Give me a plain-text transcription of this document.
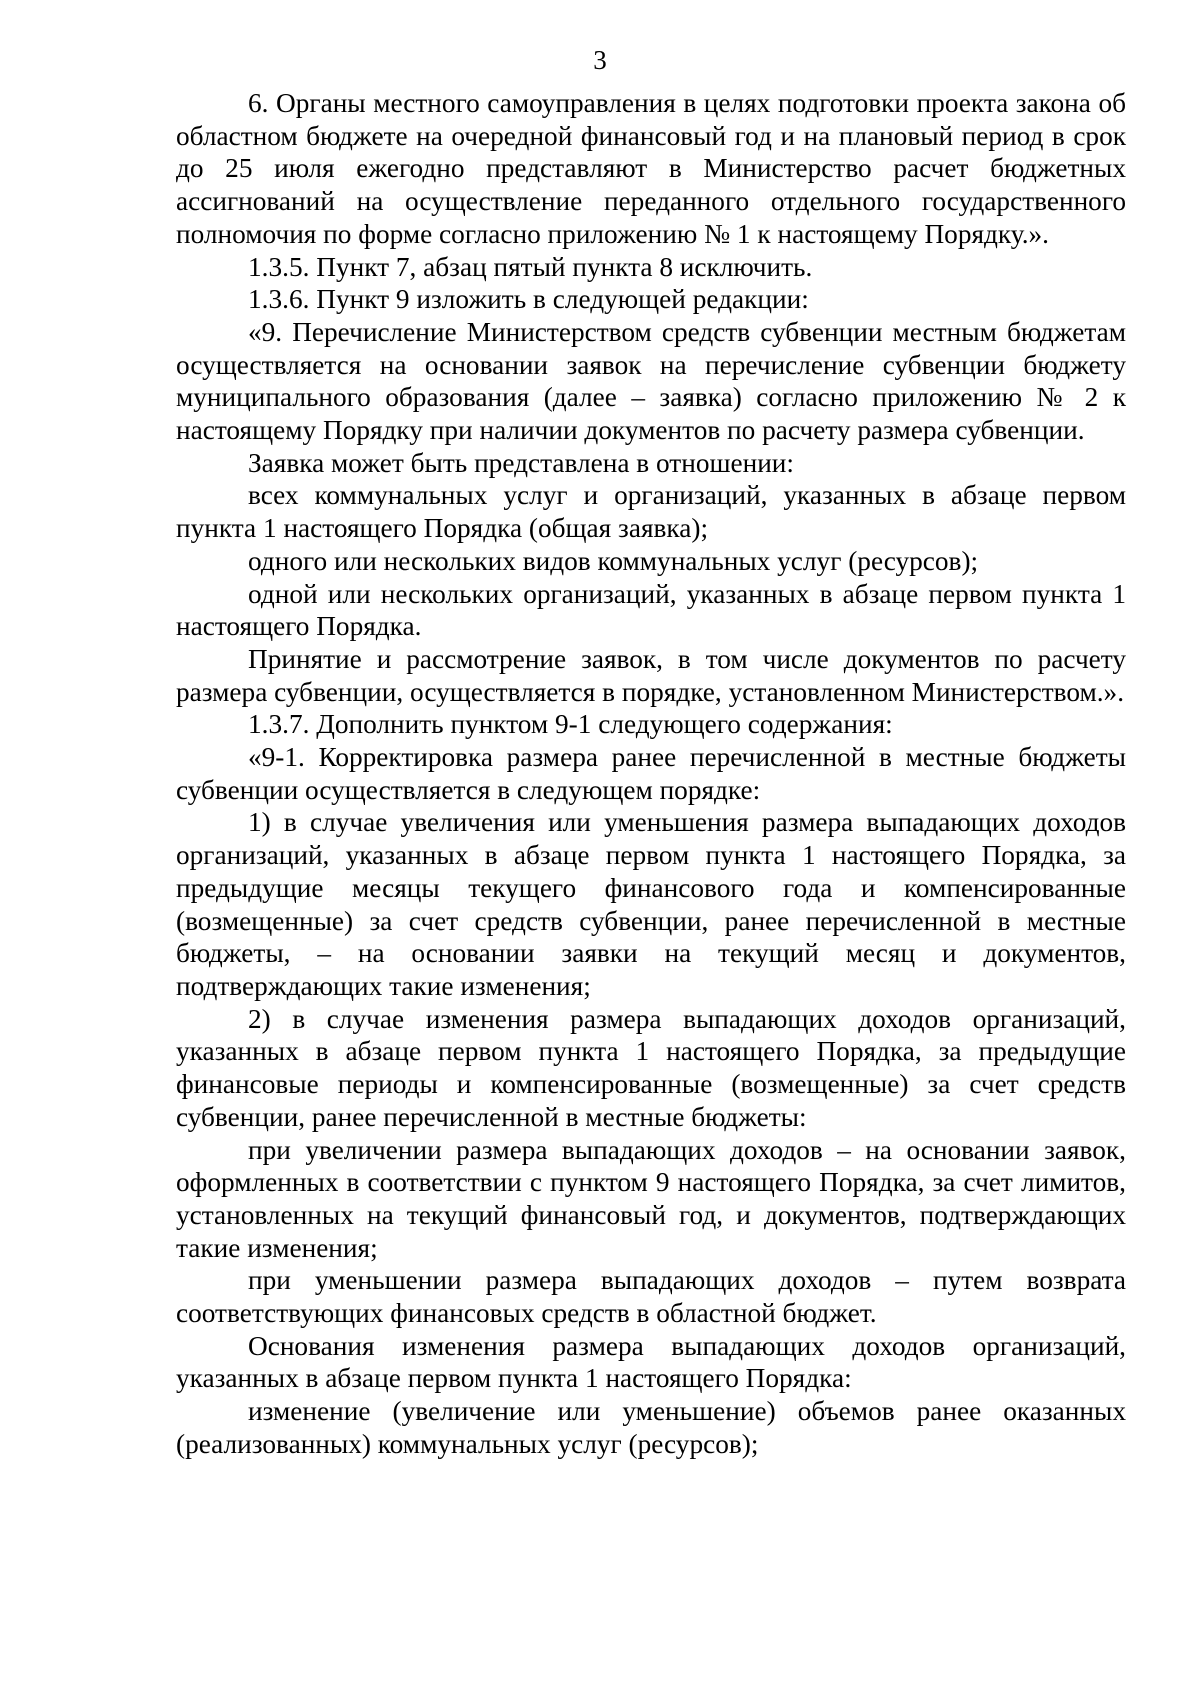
3

6. Органы местного самоуправления в целях подготовки проекта закона об областном бюджете на очередной финансовый год и на плановый период в срок до 25 июля ежегодно представляют в Министерство расчет бюджетных ассигнований на осуществление переданного отдельного государственного полномочия по форме согласно приложению № 1 к настоящему Порядку.».

1.3.5. Пункт 7, абзац пятый пункта 8 исключить.

1.3.6. Пункт 9 изложить в следующей редакции:

«9. Перечисление Министерством средств субвенции местным бюджетам осуществляется на основании заявок на перечисление субвенции бюджету муниципального образования (далее – заявка) согласно приложению № 2 к настоящему Порядку при наличии документов по расчету размера субвенции.

Заявка может быть представлена в отношении:

всех коммунальных услуг и организаций, указанных в абзаце первом пункта 1 настоящего Порядка (общая заявка);

одного или нескольких видов коммунальных услуг (ресурсов);

одной или нескольких организаций, указанных в абзаце первом пункта 1 настоящего Порядка.

Принятие и рассмотрение заявок, в том числе документов по расчету размера субвенции, осуществляется в порядке, установленном Министерством.».

1.3.7. Дополнить пунктом 9-1 следующего содержания:

«9-1. Корректировка размера ранее перечисленной в местные бюджеты субвенции осуществляется в следующем порядке:

1) в случае увеличения или уменьшения размера выпадающих доходов организаций, указанных в абзаце первом пункта 1 настоящего Порядка, за предыдущие месяцы текущего финансового года и компенсированные (возмещенные) за счет средств субвенции, ранее перечисленной в местные бюджеты, – на основании заявки на текущий месяц и документов, подтверждающих такие изменения;

2) в случае изменения размера выпадающих доходов организаций, указанных в абзаце первом пункта 1 настоящего Порядка, за предыдущие финансовые периоды и компенсированные (возмещенные) за счет средств субвенции, ранее перечисленной в местные бюджеты:

при увеличении размера выпадающих доходов – на основании заявок, оформленных в соответствии с пунктом 9 настоящего Порядка, за счет лимитов, установленных на текущий финансовый год, и документов, подтверждающих такие изменения;

при уменьшении размера выпадающих доходов – путем возврата соответствующих финансовых средств в областной бюджет.

Основания изменения размера выпадающих доходов организаций, указанных в абзаце первом пункта 1 настоящего Порядка:

изменение (увеличение или уменьшение) объемов ранее оказанных (реализованных) коммунальных услуг (ресурсов);
